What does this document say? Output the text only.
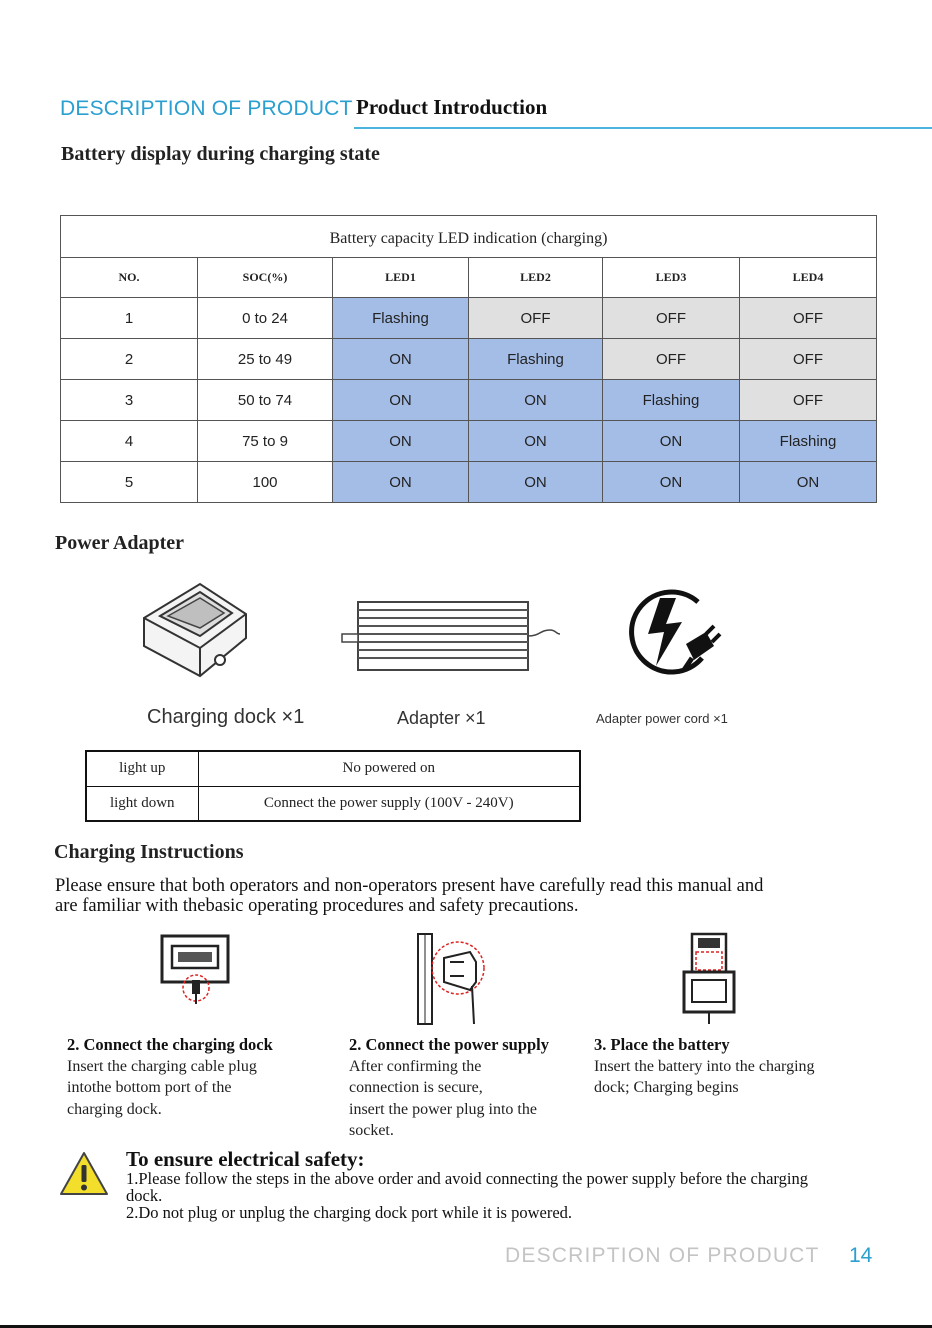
DESCRIPTION OF PRODUCT Product Introduction
Battery display during charging state
Battery capacity LED indication (charging)					
NO.	SOC(%)	LED1	LED2	LED3	LED4
1	0 to 24	Flashing	OFF	OFF	OFF
2	25 to 49	ON	Flashing	OFF	OFF
3	50 to 74	ON	ON	Flashing	OFF
4	75 to 9	ON	ON	ON	Flashing
5	100	ON	ON	ON	ON
Power Adapter
Charging dock ×1	Adapter ×1	Adapter power cord ×1
light up	No powered on
light down	Connect the power supply (100V - 240V)
Charging Instructions
Please ensure that both operators and non-operators present have carefully read this manual and
are familiar with thebasic operating procedures and safety precautions.
2. Connect the charging dock
Insert the charging cable plug
intothe bottom port of the
charging dock.
2. Connect the power supply
After confirming the
connection is secure,
insert the power plug into the
socket.
3. Place the battery
Insert the battery into the charging
dock; Charging begins
To ensure electrical safety:
1.Please follow the steps in the above order and avoid connecting the power supply before the charging
dock.
2.Do not plug or unplug the charging dock port while it is powered.
DESCRIPTION OF PRODUCT 14
